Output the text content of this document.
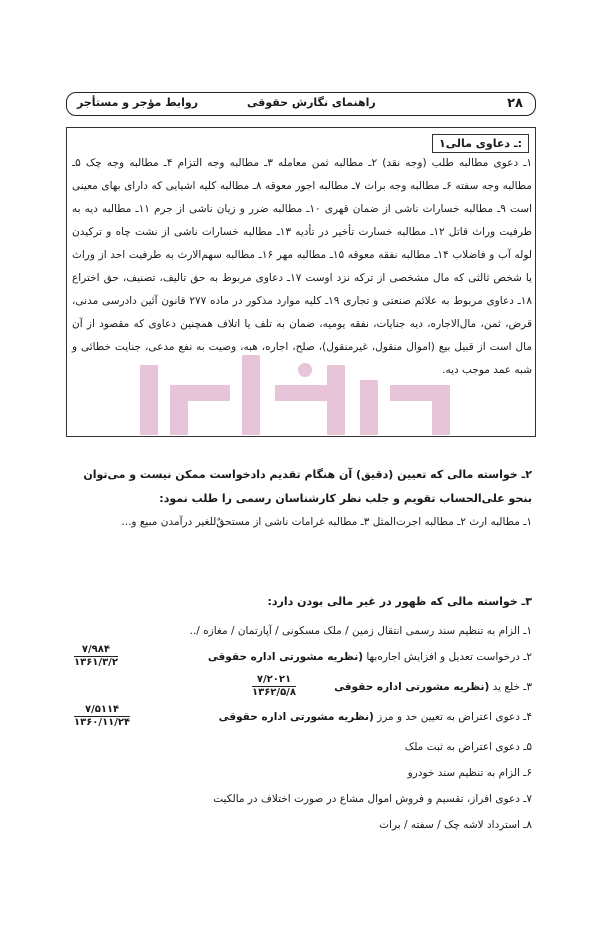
۲۸
راهنمای نگارش حقوقی
روابط مؤجر و مستأجر
۱ـ دعاوی مالی:
۱ـ دعوی مطالبه طلب (وجه نقد) ۲ـ مطالبه ثمن معامله ۳ـ مطالبه وجه التزام ۴ـ مطالبه وجه چک ۵ـ مطالبه وجه سفته ۶ـ مطالبه وجه برات ۷ـ مطالبه اجور معوقه ۸ـ مطالبه کلیه اشیایی که دارای بهای معینی است ۹ـ مطالبه خسارات ناشی از ضمان قهری ۱۰ـ مطالبه ضرر و زیان ناشی از جرم ۱۱ـ مطالبه دیه به طرفیت وراث قاتل ۱۲ـ مطالبه خسارت تأخیر در تأدیه ۱۳ـ مطالبه خسارات ناشی از نشت چاه و ترکیدن لوله آب و فاضلاب ۱۴ـ مطالبه نفقه معوقه ۱۵ـ مطالبه مهر ۱۶ـ مطالبه سهم‌الارث به طرفیت احد از وراث یا شخص ثالثی که مال مشخصی از ترکه نزد اوست ۱۷ـ دعاوی مربوط به حق تالیف، تصنیف، حق اختراع ۱۸ـ دعاوی مربوط به علائم صنعتی و تجاری ۱۹ـ کلیه موارد مذکور در ماده ۲۷۷ قانون آئین دادرسی مدنی، قرض، ثمن، مال‌الاجاره، دیه جنایات، نفقه یومیه، ضمان به تلف یا اتلاف همچنین دعاوی که مقصود از آن مال است از قبیل بیع (اموال منقول، غیرمنقول)، صلح، اجاره، هبه، وصیت به نفع مدعی، جنایت خطائی و شبه عمد موجب دیه.
۲ـ خواسته مالی که تعیین (دقیق) آن هنگام تقدیم دادخواست ممکن نیست و می‌توان بنحو علی‌الحساب تقویم و جلب نظر کارشناسان رسمی را طلب نمود:
۱ـ مطالبه ارث ۲ـ مطالبه اجرت‌المثل ۳ـ مطالبه غرامات ناشی از مستحقٌ‌للغیر درآمدن مبیع و...
۳ـ خواسته مالی که ظهور در غیر مالی بودن دارد:
۱ـ الزام به تنظیم سند رسمی انتقال زمین / ملک مسکونی / آپارتمان / مغازه /..
۲ـ درخواست تعدیل و افزایش اجاره‌بها (نظریه مشورتی اداره حقوقی
۷/۹۸۴
۱۳۶۱/۳/۲
۳ـ خلع ید (نظریه مشورتی اداره حقوقی
۷/۲۰۲۱
۱۳۶۲/۵/۸
۴ـ دعوی اعتراض به تعیین حد و مرز (نظریه مشورتی اداره حقوقی
۷/۵۱۱۴
۱۳۶۰/۱۱/۲۴
۵ـ دعوی اعتراض به ثبت ملک
۶ـ الزام به تنظیم سند خودرو
۷ـ دعوی افراز، تقسیم و فروش اموال مشاع در صورت اختلاف در مالکیت
۸ـ استرداد لاشه چک / سفته / برات
